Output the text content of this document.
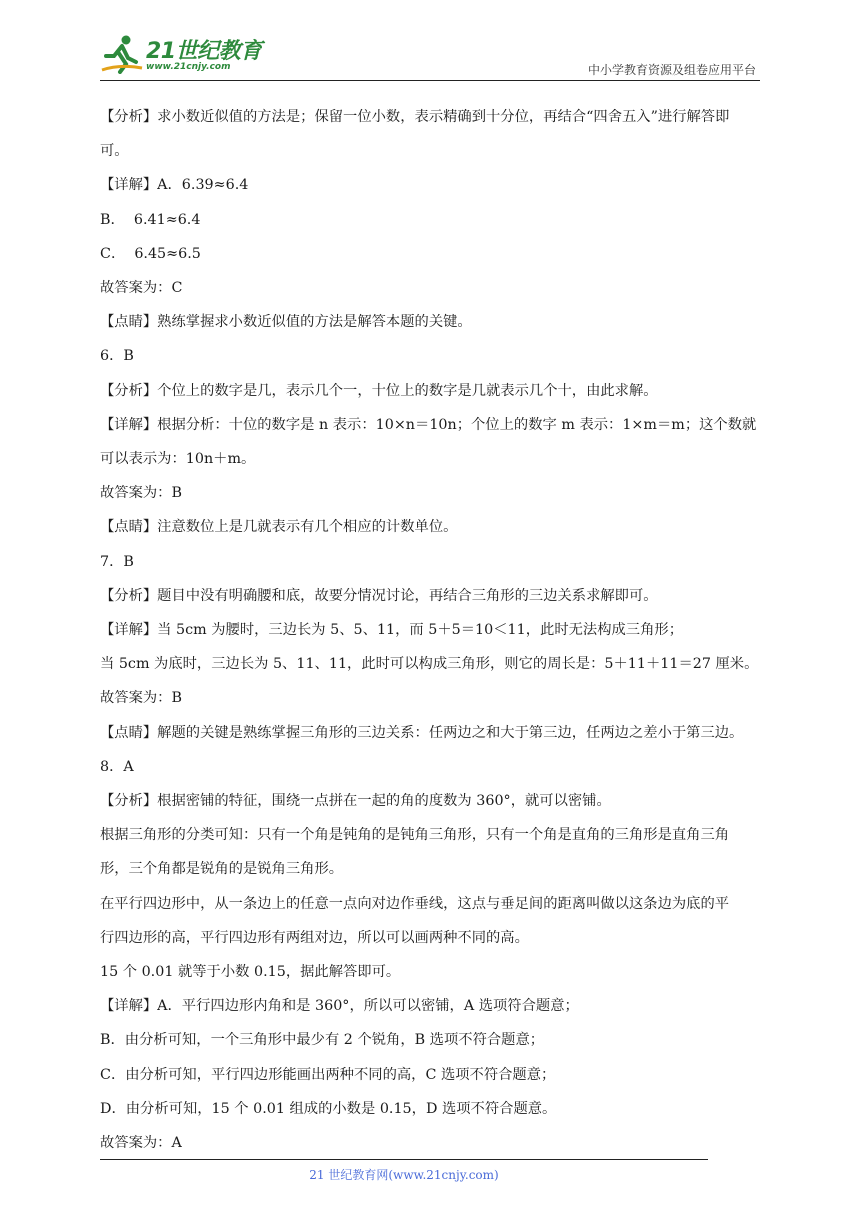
21世纪教育
www.21cnjy.com	中小学教育资源及组卷应用平台
【分析】求小数近似值的方法是；保留一位小数，表示精确到十分位，再结合“四舍五入”进行解答即
可。
【详解】A．6.39≈6.4
B．  6.41≈6.4
C．  6.45≈6.5
故答案为：C
【点睛】熟练掌握求小数近似值的方法是解答本题的关键。
6．B
【分析】个位上的数字是几，表示几个一，十位上的数字是几就表示几个十，由此求解。
【详解】根据分析：十位的数字是 n 表示：10×n＝10n；个位上的数字 m 表示：1×m＝m；这个数就
可以表示为：10n＋m。
故答案为：B
【点睛】注意数位上是几就表示有几个相应的计数单位。
7．B
【分析】题目中没有明确腰和底，故要分情况讨论，再结合三角形的三边关系求解即可。
【详解】当 5cm 为腰时，三边长为 5、5、11，而 5＋5＝10＜11，此时无法构成三角形；
当 5cm 为底时，三边长为 5、11、11，此时可以构成三角形，则它的周长是：5＋11＋11＝27 厘米。
故答案为：B
【点睛】解题的关键是熟练掌握三角形的三边关系：任两边之和大于第三边，任两边之差小于第三边。
8．A
【分析】根据密铺的特征，围绕一点拼在一起的角的度数为 360°，就可以密铺。
根据三角形的分类可知：只有一个角是钝角的是钝角三角形，只有一个角是直角的三角形是直角三角
形，三个角都是锐角的是锐角三角形。
在平行四边形中，从一条边上的任意一点向对边作垂线，这点与垂足间的距离叫做以这条边为底的平
行四边形的高，平行四边形有两组对边，所以可以画两种不同的高。
15 个 0.01 就等于小数 0.15，据此解答即可。
【详解】A．平行四边形内角和是 360°，所以可以密铺，A 选项符合题意；
B．由分析可知，一个三角形中最少有 2 个锐角，B 选项不符合题意；
C．由分析可知，平行四边形能画出两种不同的高，C 选项不符合题意；
D．由分析可知，15 个 0.01 组成的小数是 0.15，D 选项不符合题意。
故答案为：A
21 世纪教育网(www.21cnjy.com)
